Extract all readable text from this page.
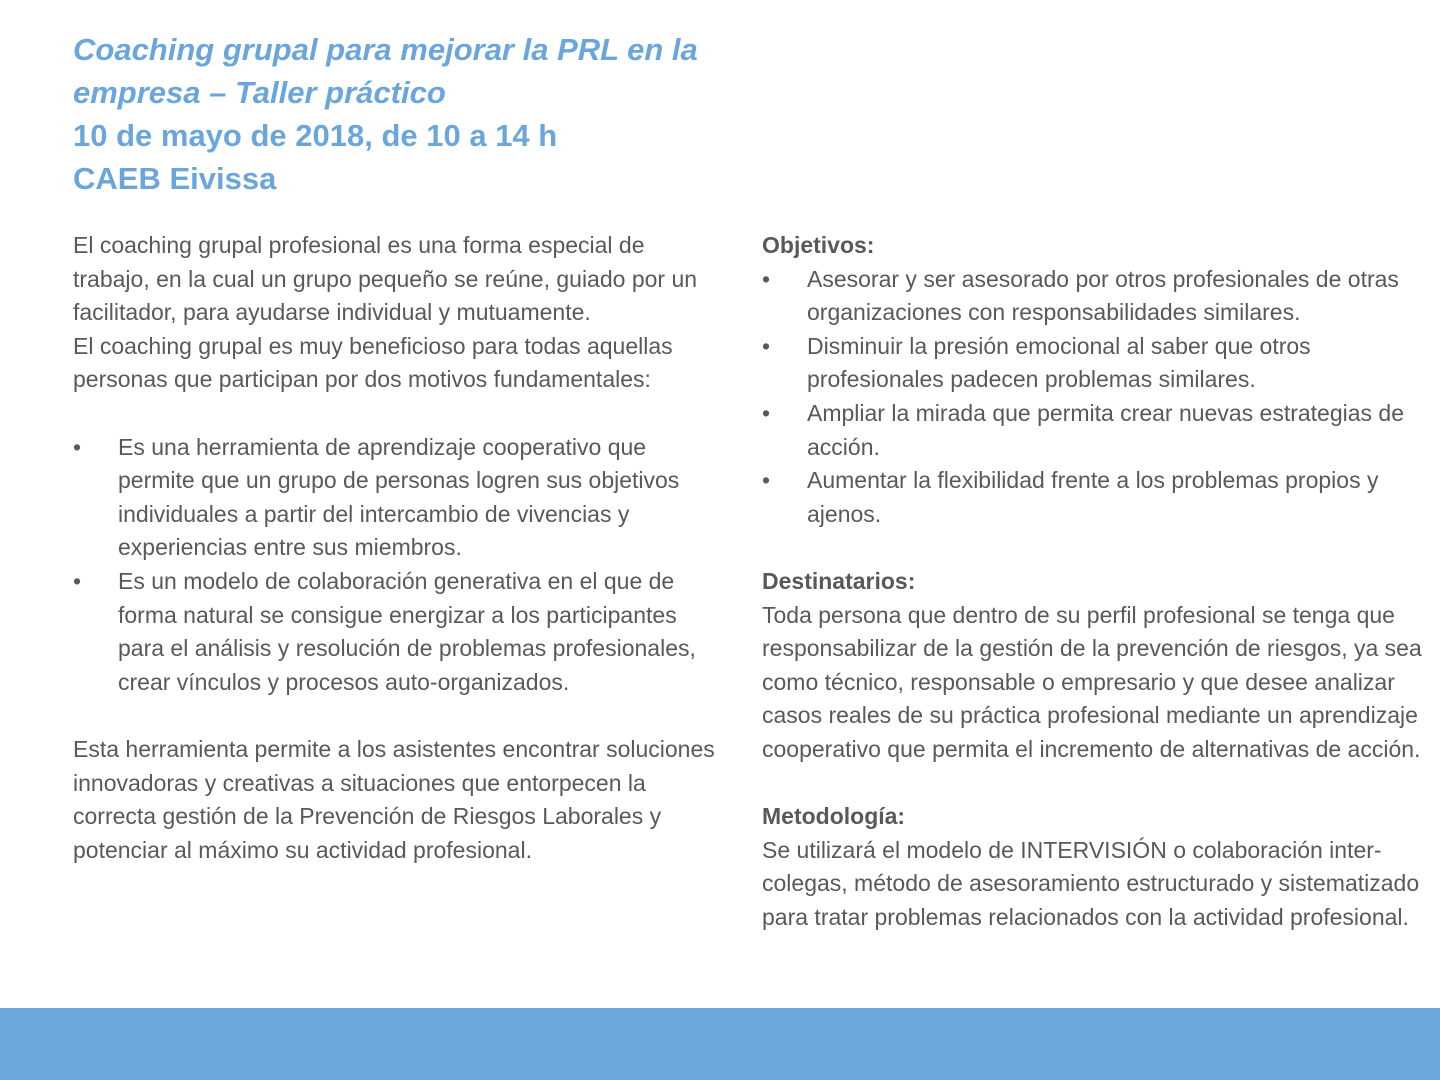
Coaching grupal para mejorar la PRL en la
empresa – Taller práctico
10 de mayo de 2018, de 10 a 14 h
CAEB Eivissa

El coaching grupal profesional es una forma especial de trabajo, en la cual un grupo pequeño se reúne, guiado por un facilitador, para ayudarse individual y mutuamente.

El coaching grupal es muy beneficioso para todas aquellas personas que participan por dos motivos fundamentales:

•	Es una herramienta de aprendizaje cooperativo que permite que un grupo de personas logren sus objetivos individuales a partir del intercambio de vivencias y experiencias entre sus miembros.
•	Es un modelo de colaboración generativa en el que de forma natural se consigue energizar a los participantes para el análisis y resolución de problemas profesionales, crear vínculos y procesos auto-organizados.

Esta herramienta permite a los asistentes encontrar soluciones innovadoras y creativas a situaciones que entorpecen la correcta gestión de la Prevención de Riesgos Laborales y potenciar al máximo su actividad profesional.

Objetivos:

•	Asesorar y ser asesorado por otros profesionales de otras organizaciones con responsabilidades similares.
•	Disminuir la presión emocional al saber que otros profesionales padecen problemas similares.
•	Ampliar la mirada que permita crear nuevas estrategias de acción.
•	Aumentar la flexibilidad frente a los problemas propios y ajenos.

Destinatarios:

Toda persona que dentro de su perfil profesional se tenga que responsabilizar de la gestión de la prevención de riesgos, ya sea como técnico, responsable o empresario y que desee analizar casos reales de su práctica profesional mediante un aprendizaje cooperativo que permita el incremento de alternativas de acción.

Metodología:

Se utilizará el modelo de INTERVISIÓN o colaboración inter-colegas, método de asesoramiento estructurado y sistematizado para tratar problemas relacionados con la actividad profesional.
